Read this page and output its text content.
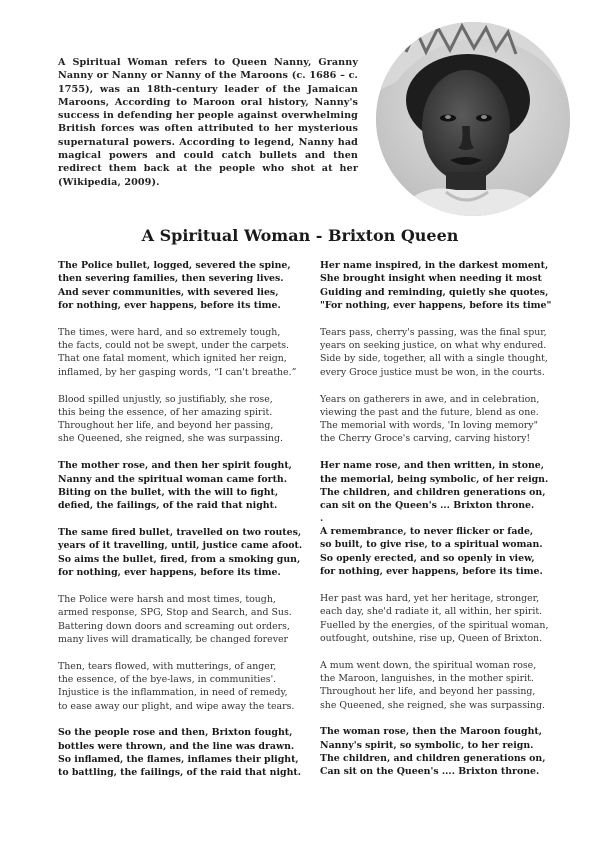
A Spiritual Woman refers to Queen Nanny, Granny Nanny or Nanny or Nanny of the Maroons (c. 1686 – c. 1755), was an 18th-century leader of the Jamaican Maroons, According to Maroon oral history, Nanny's success in defending her people against overwhelming British forces was often attributed to her mysterious supernatural powers. According to legend, Nanny had magical powers and could catch bullets and then redirect them back at the people who shot at her (Wikipedia, 2009).
A Spiritual Woman - Brixton Queen
The Police bullet, logged, severed the spine,
then severing families, then severing lives.
And sever communities, with severed lies,
for nothing, ever happens, before its time.
The times, were hard, and so extremely tough,
the facts, could not be swept, under the carpets.
That one fatal moment, which ignited her reign,
inflamed, by her gasping words, “I can't breathe.”
Blood spilled unjustly, so justifiably, she rose,
this being the essence, of her amazing spirit.
Throughout her life, and beyond her passing,
she Queened, she reigned, she was surpassing.
The mother rose, and then her spirit fought,
Nanny and the spiritual woman came forth.
Biting on the bullet, with the will to fight,
defied, the failings, of the raid that night.
The same fired bullet, travelled on two routes,
years of it travelling, until, justice came afoot.
So aims the bullet, fired, from a smoking gun,
for nothing, ever happens, before its time.
The Police were harsh and most times, tough,
armed response, SPG, Stop and Search, and Sus.
Battering down doors and screaming out orders,
many lives will dramatically, be changed forever
Then, tears flowed, with mutterings, of anger,
the essence, of the bye-laws, in communities'.
Injustice is the inflammation, in need of remedy,
to ease away our plight, and wipe away the tears.
So the people rose and then, Brixton fought,
bottles were thrown, and the line was drawn.
So inflamed, the flames, inflames their plight,
to battling, the failings, of the raid that night.
Her name inspired, in the darkest moment,
She brought insight when needing it most
Guiding and reminding, quietly she quotes,
"For nothing, ever happens, before its time"
Tears pass, cherry's passing, was the final spur,
years on seeking justice, on what why endured.
Side by side, together, all with a single thought,
every Groce justice must be won, in the courts.
Years on gatherers in awe, and in celebration,
viewing the past and the future, blend as one.
The memorial with words, 'In loving memory"
the Cherry Groce's carving, carving history!
Her name rose, and then written, in stone,
the memorial, being symbolic, of her reign.
The children, and children generations on,
can sit on the Queen's ... Brixton throne.
.
A remembrance, to never flicker or fade,
so built, to give rise, to a spiritual woman.
So openly erected, and so openly in view,
for nothing, ever happens, before its time.
Her past was hard, yet her heritage, stronger,
each day, she'd radiate it, all within, her spirit.
Fuelled by the energies, of the spiritual woman,
outfought, outshine, rise up, Queen of Brixton.
A mum went down, the spiritual woman rose,
the Maroon, languishes, in the mother spirit.
Throughout her life, and beyond her passing,
she Queened, she reigned, she was surpassing.
The woman rose, then the Maroon fought,
Nanny's spirit, so symbolic, to her reign.
The children, and children generations on,
Can sit on the Queen's .... Brixton throne.
